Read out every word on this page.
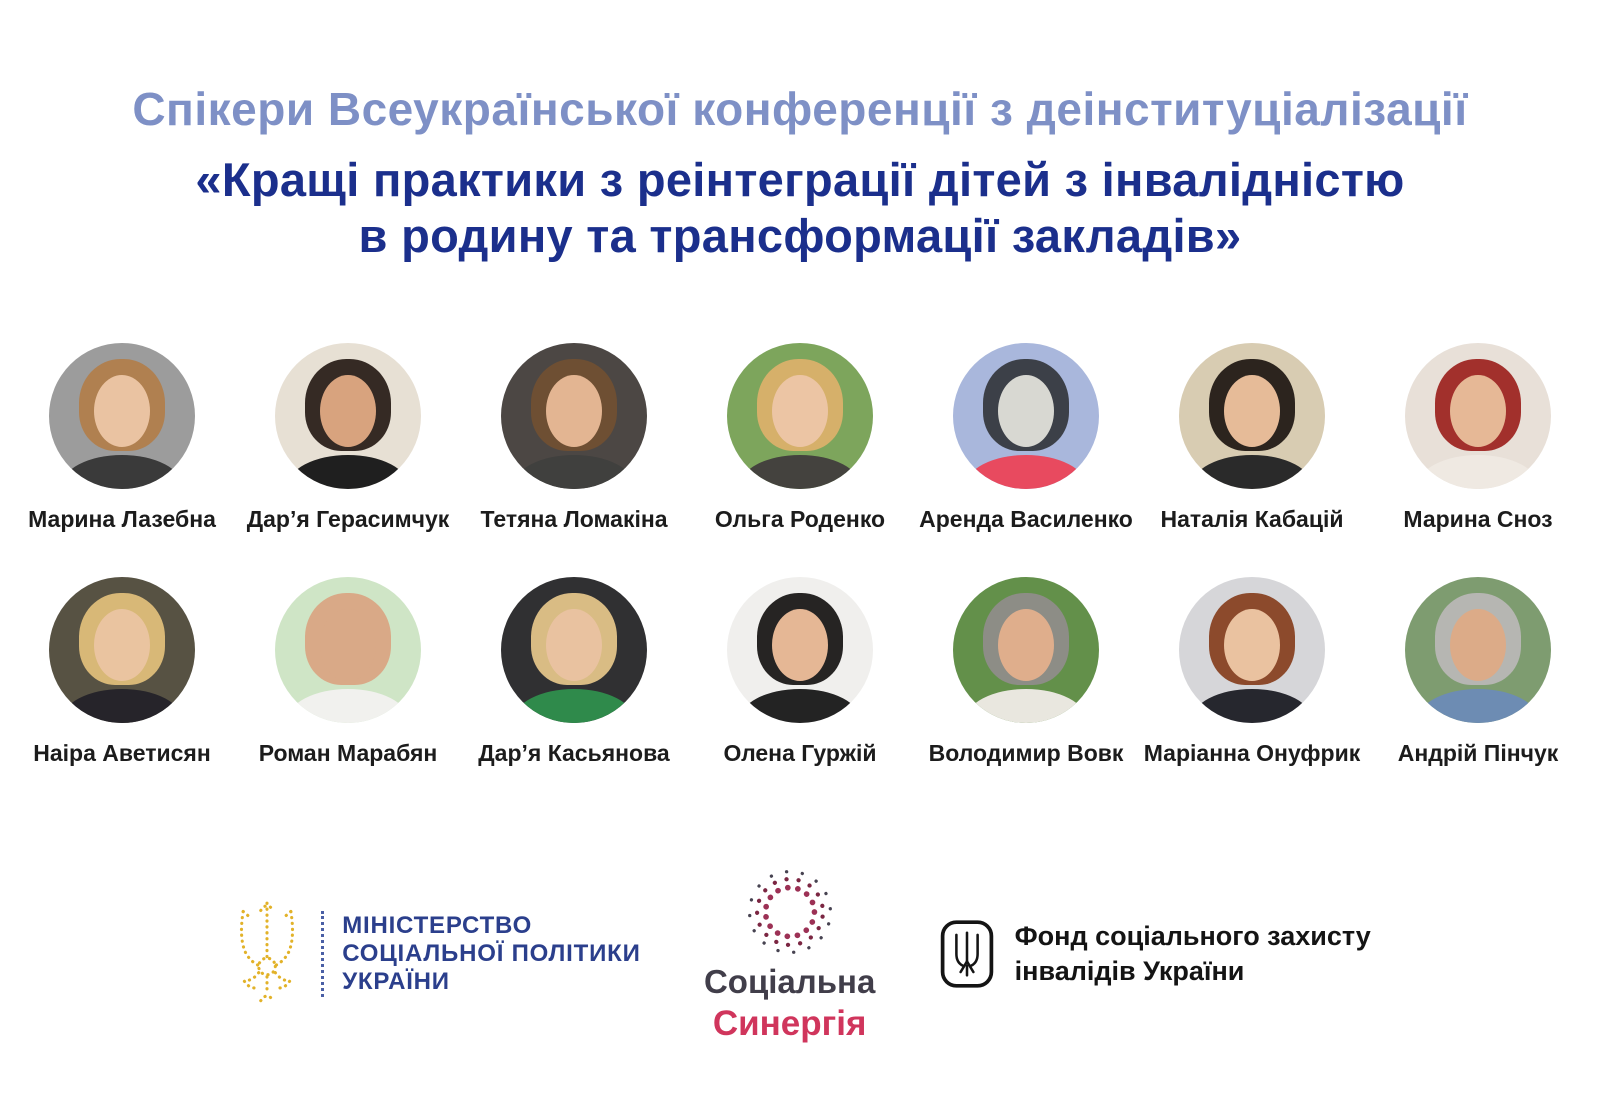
Спікери Всеукраїнської конференції з деінституціалізації
«Кращі практики з реінтеграції дітей з інвалідністю
в родину та трансформації закладів»
Марина Лазебна Дар’я Герасимчук Тетяна Ломакіна Ольга Роденко Аренда Василенко Наталія Кабацій	Марина Сноз
Наіра Аветисян Роман Марабян Дар’я Касьянова Олена Гуржій Володимир Вовк Маріанна Онуфрик Андрій Пінчук
МІНІСТЕРСТВО
СОЦІАЛЬНОЇ ПОЛІТИКИ
УКРАЇНИ	Соціальна
Синергія
Фонд соціального захисту
інвалідів України
